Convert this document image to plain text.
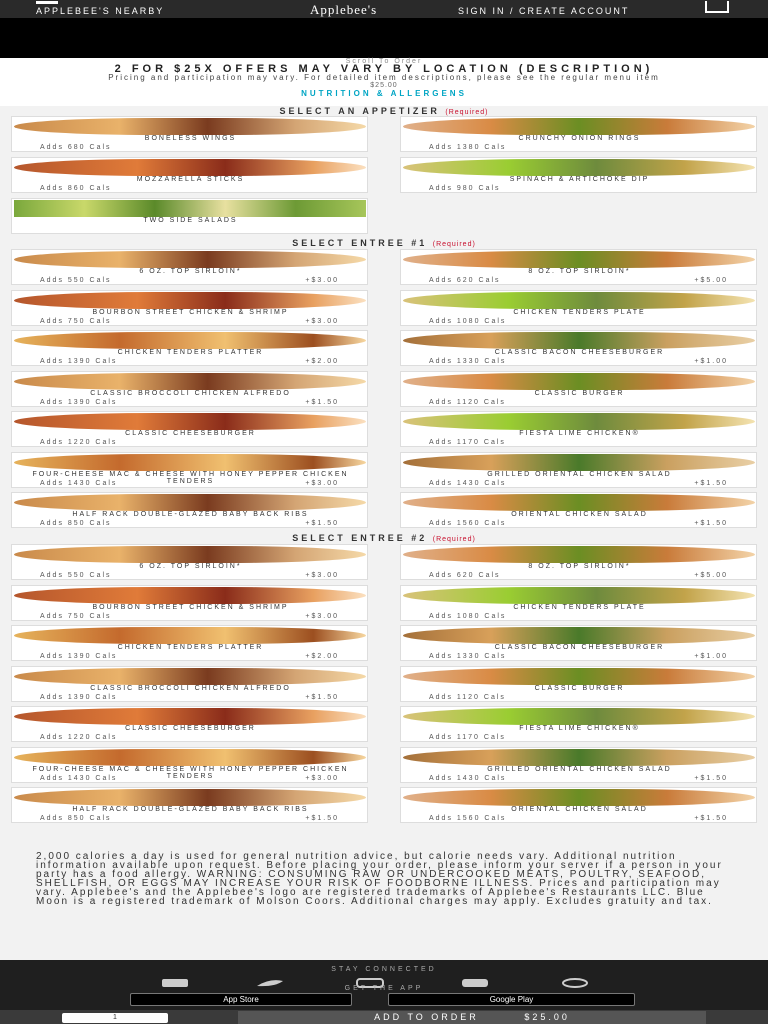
APPLEBEE'S NEARBY	Applebee's	SIGN IN / CREATE ACCOUNT
Scroll To Order
2 FOR $25X OFFERS MAY VARY BY LOCATION (DESCRIPTION)
Pricing and participation may vary. For detailed item descriptions, please see the regular menu item
$25.00
NUTRITION & ALLERGENS
SELECT AN APPETIZER (Required)
BONELESS WINGS
Adds 680 Cals
CRUNCHY ONION RINGS
Adds 1380 Cals
MOZZARELLA STICKS
Adds 860 Cals
SPINACH & ARTICHOKE DIP
Adds 980 Cals
TWO SIDE SALADS
SELECT ENTREE #1 (Required)
6 OZ. TOP SIRLOIN*
Adds 550 Cals	+$3.00
8 OZ. TOP SIRLOIN*
Adds 620 Cals	+$5.00
BOURBON STREET CHICKEN & SHRIMP
Adds 750 Cals	+$3.00
CHICKEN TENDERS PLATE
Adds 1080 Cals
CHICKEN TENDERS PLATTER
Adds 1390 Cals	+$2.00
CLASSIC BACON CHEESEBURGER
Adds 1330 Cals	+$1.00
CLASSIC BROCCOLI CHICKEN ALFREDO
Adds 1390 Cals	+$1.50
CLASSIC BURGER
Adds 1120 Cals
CLASSIC CHEESEBURGER
Adds 1220 Cals
FIESTA LIME CHICKEN®
Adds 1170 Cals
FOUR-CHEESE MAC & CHEESE WITH HONEY PEPPER CHICKEN TENDERS
Adds 1430 Cals	+$3.00
GRILLED ORIENTAL CHICKEN SALAD
Adds 1430 Cals	+$1.50
HALF RACK DOUBLE-GLAZED BABY BACK RIBS
Adds 850 Cals	+$1.50
ORIENTAL CHICKEN SALAD
Adds 1560 Cals	+$1.50
SELECT ENTREE #2 (Required)
6 OZ. TOP SIRLOIN*
Adds 550 Cals	+$3.00
8 OZ. TOP SIRLOIN*
Adds 620 Cals	+$5.00
BOURBON STREET CHICKEN & SHRIMP
Adds 750 Cals	+$3.00
CHICKEN TENDERS PLATE
Adds 1080 Cals
CHICKEN TENDERS PLATTER
Adds 1390 Cals	+$2.00
CLASSIC BACON CHEESEBURGER
Adds 1330 Cals	+$1.00
CLASSIC BROCCOLI CHICKEN ALFREDO
Adds 1390 Cals	+$1.50
CLASSIC BURGER
Adds 1120 Cals
CLASSIC CHEESEBURGER
Adds 1220 Cals
FIESTA LIME CHICKEN®
Adds 1170 Cals
FOUR-CHEESE MAC & CHEESE WITH HONEY PEPPER CHICKEN TENDERS
Adds 1430 Cals	+$3.00
GRILLED ORIENTAL CHICKEN SALAD
Adds 1430 Cals	+$1.50
HALF RACK DOUBLE-GLAZED BABY BACK RIBS
Adds 850 Cals	+$1.50
ORIENTAL CHICKEN SALAD
Adds 1560 Cals	+$1.50
2,000 calories a day is used for general nutrition advice, but calorie needs vary. Additional nutrition information available upon request. Before placing your order, please inform your server if a person in your party has a food allergy. WARNING: CONSUMING RAW OR UNDERCOOKED MEATS, POULTRY, SEAFOOD, SHELLFISH, OR EGGS MAY INCREASE YOUR RISK OF FOODBORNE ILLNESS. Prices and participation may vary. Applebee's and the Applebee's logo are registered trademarks of Applebee's Restaurants LLC. Blue Moon is a registered trademark of Molson Coors. Additional charges may apply. Excludes gratuity and tax.
STAY CONNECTED
GET THE APP
App Store	Google Play
1	ADD TO ORDER	$25.00
